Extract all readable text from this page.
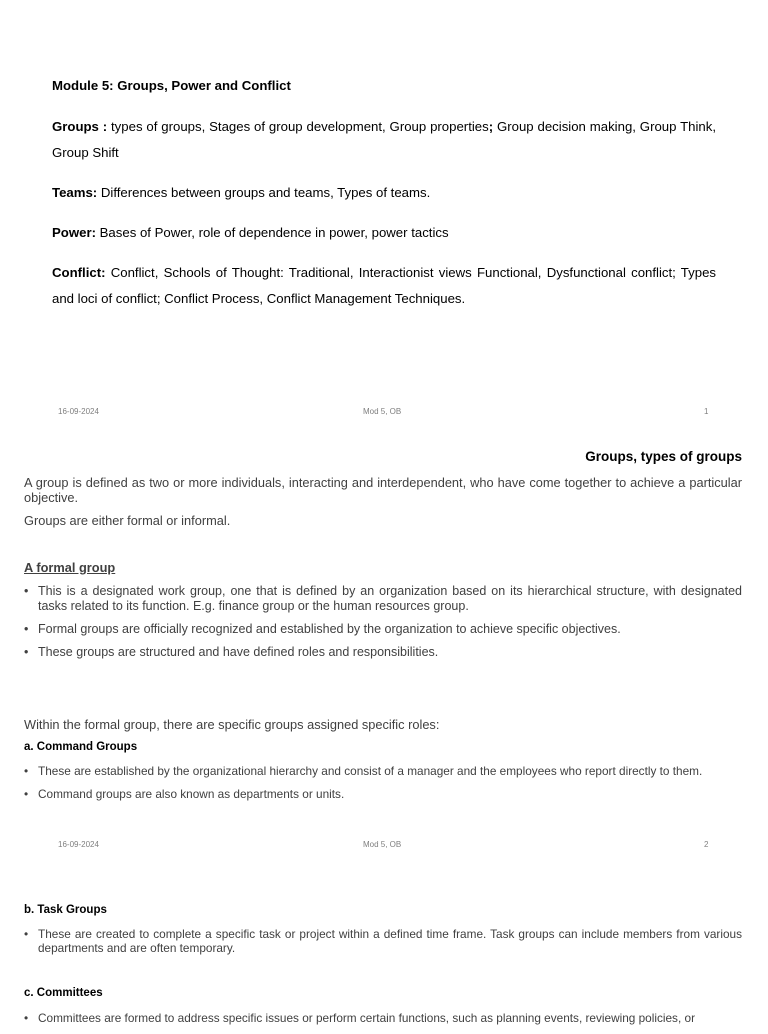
Module 5: Groups, Power and Conflict
Groups : types of groups, Stages of group development, Group properties; Group decision making, Group Think, Group Shift
Teams: Differences between groups and teams, Types of teams.
Power: Bases of Power, role of dependence in power, power tactics
Conflict: Conflict, Schools of Thought: Traditional, Interactionist views Functional, Dysfunctional conflict; Types and loci of conflict; Conflict Process, Conflict Management Techniques.
16-09-2024	Mod 5, OB	1
Groups, types of groups
A group is defined as two or more individuals, interacting and interdependent, who have come together to achieve a particular objective.
Groups are either formal or informal.
A formal group
• This is a designated work group, one that is defined by an organization based on its hierarchical structure, with designated tasks related to its function. E.g. finance group or the human resources group.
• Formal groups are officially recognized and established by the organization to achieve specific objectives.
• These groups are structured and have defined roles and responsibilities.
Within the formal group, there are specific groups assigned specific roles:
a. Command Groups
• These are established by the organizational hierarchy and consist of a manager and the employees who report directly to them.
• Command groups are also known as departments or units.
16-09-2024	Mod 5, OB	2
b. Task Groups
• These are created to complete a specific task or project within a defined time frame. Task groups can include members from various departments and are often temporary.
c. Committees
• Committees are formed to address specific issues or perform certain functions, such as planning events, reviewing policies, or
